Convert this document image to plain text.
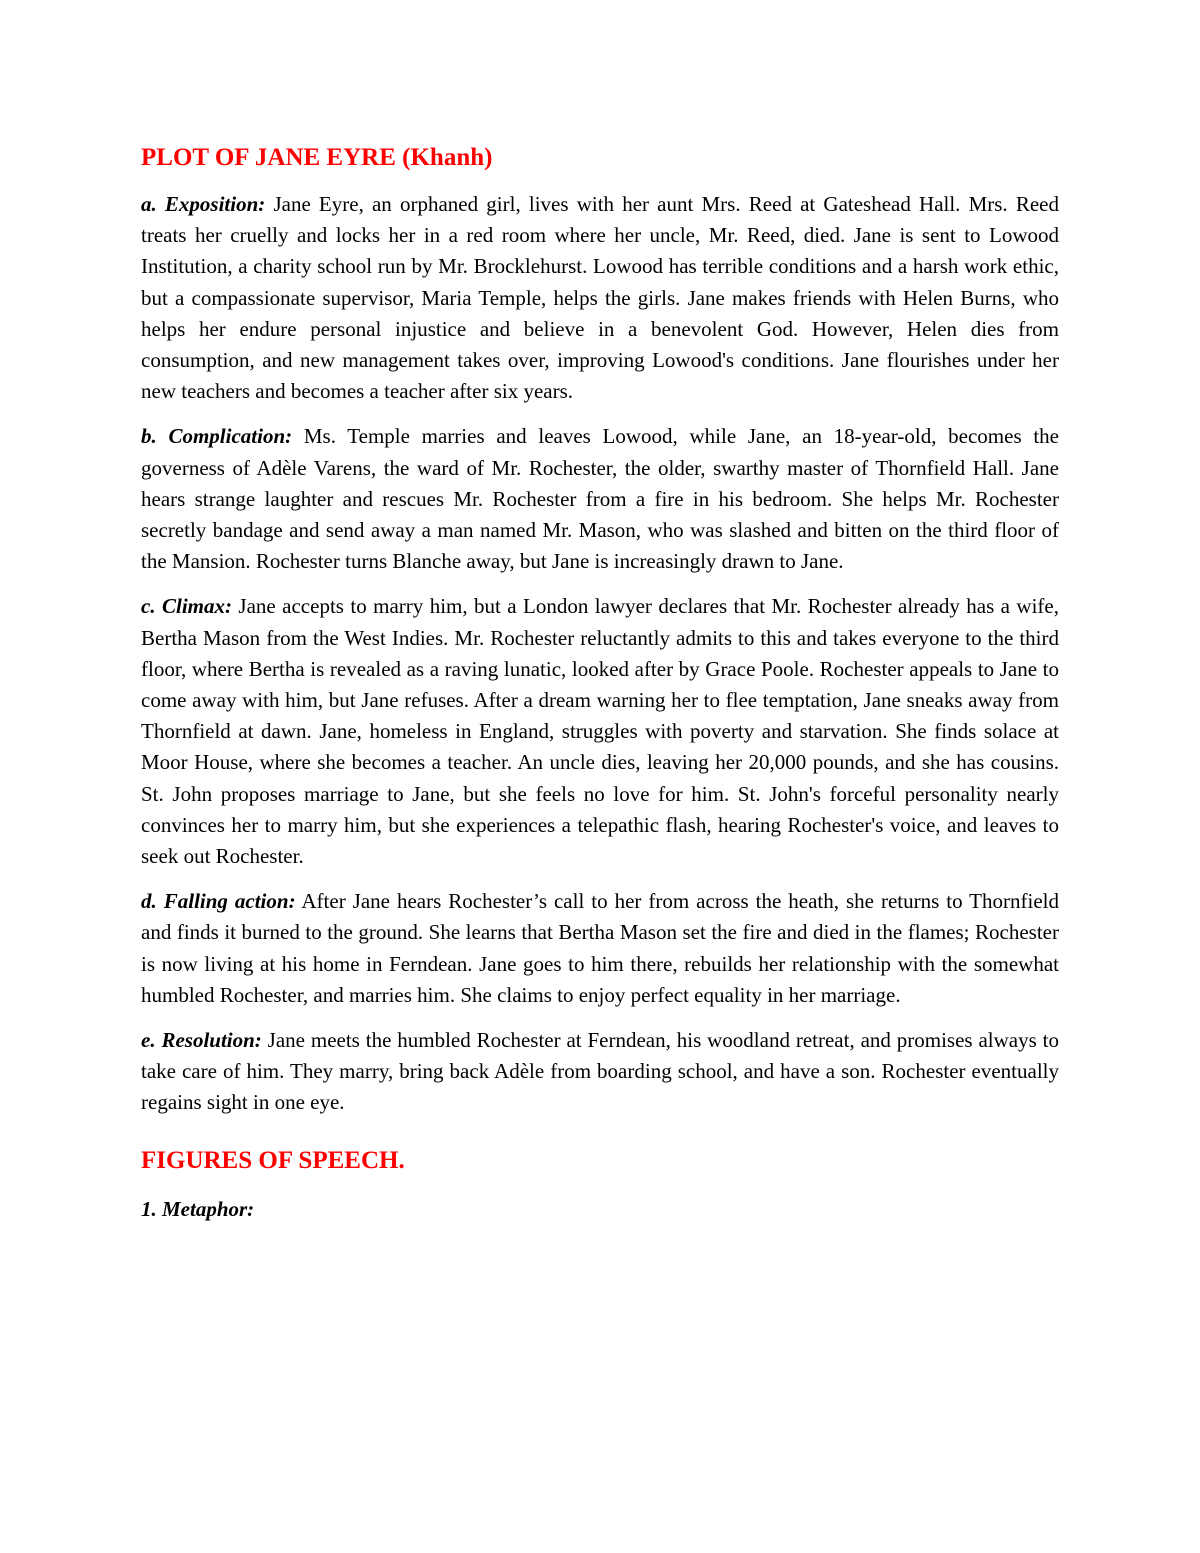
PLOT OF JANE EYRE (Khanh)

a. Exposition: Jane Eyre, an orphaned girl, lives with her aunt Mrs. Reed at Gateshead Hall. Mrs. Reed treats her cruelly and locks her in a red room where her uncle, Mr. Reed, died. Jane is sent to Lowood Institution, a charity school run by Mr. Brocklehurst. Lowood has terrible conditions and a harsh work ethic, but a compassionate supervisor, Maria Temple, helps the girls. Jane makes friends with Helen Burns, who helps her endure personal injustice and believe in a benevolent God. However, Helen dies from consumption, and new management takes over, improving Lowood's conditions. Jane flourishes under her new teachers and becomes a teacher after six years.

b. Complication: Ms. Temple marries and leaves Lowood, while Jane, an 18-year-old, becomes the governess of Adèle Varens, the ward of Mr. Rochester, the older, swarthy master of Thornfield Hall. Jane hears strange laughter and rescues Mr. Rochester from a fire in his bedroom. She helps Mr. Rochester secretly bandage and send away a man named Mr. Mason, who was slashed and bitten on the third floor of the Mansion. Rochester turns Blanche away, but Jane is increasingly drawn to Jane.

c. Climax: Jane accepts to marry him, but a London lawyer declares that Mr. Rochester already has a wife, Bertha Mason from the West Indies. Mr. Rochester reluctantly admits to this and takes everyone to the third floor, where Bertha is revealed as a raving lunatic, looked after by Grace Poole. Rochester appeals to Jane to come away with him, but Jane refuses. After a dream warning her to flee temptation, Jane sneaks away from Thornfield at dawn. Jane, homeless in England, struggles with poverty and starvation. She finds solace at Moor House, where she becomes a teacher. An uncle dies, leaving her 20,000 pounds, and she has cousins. St. John proposes marriage to Jane, but she feels no love for him. St. John's forceful personality nearly convinces her to marry him, but she experiences a telepathic flash, hearing Rochester's voice, and leaves to seek out Rochester.

d. Falling action: After Jane hears Rochester’s call to her from across the heath, she returns to Thornfield and finds it burned to the ground. She learns that Bertha Mason set the fire and died in the flames; Rochester is now living at his home in Ferndean. Jane goes to him there, rebuilds her relationship with the somewhat humbled Rochester, and marries him. She claims to enjoy perfect equality in her marriage.

e. Resolution: Jane meets the humbled Rochester at Ferndean, his woodland retreat, and promises always to take care of him. They marry, bring back Adèle from boarding school, and have a son. Rochester eventually regains sight in one eye.

FIGURES OF SPEECH.

1. Metaphor:
